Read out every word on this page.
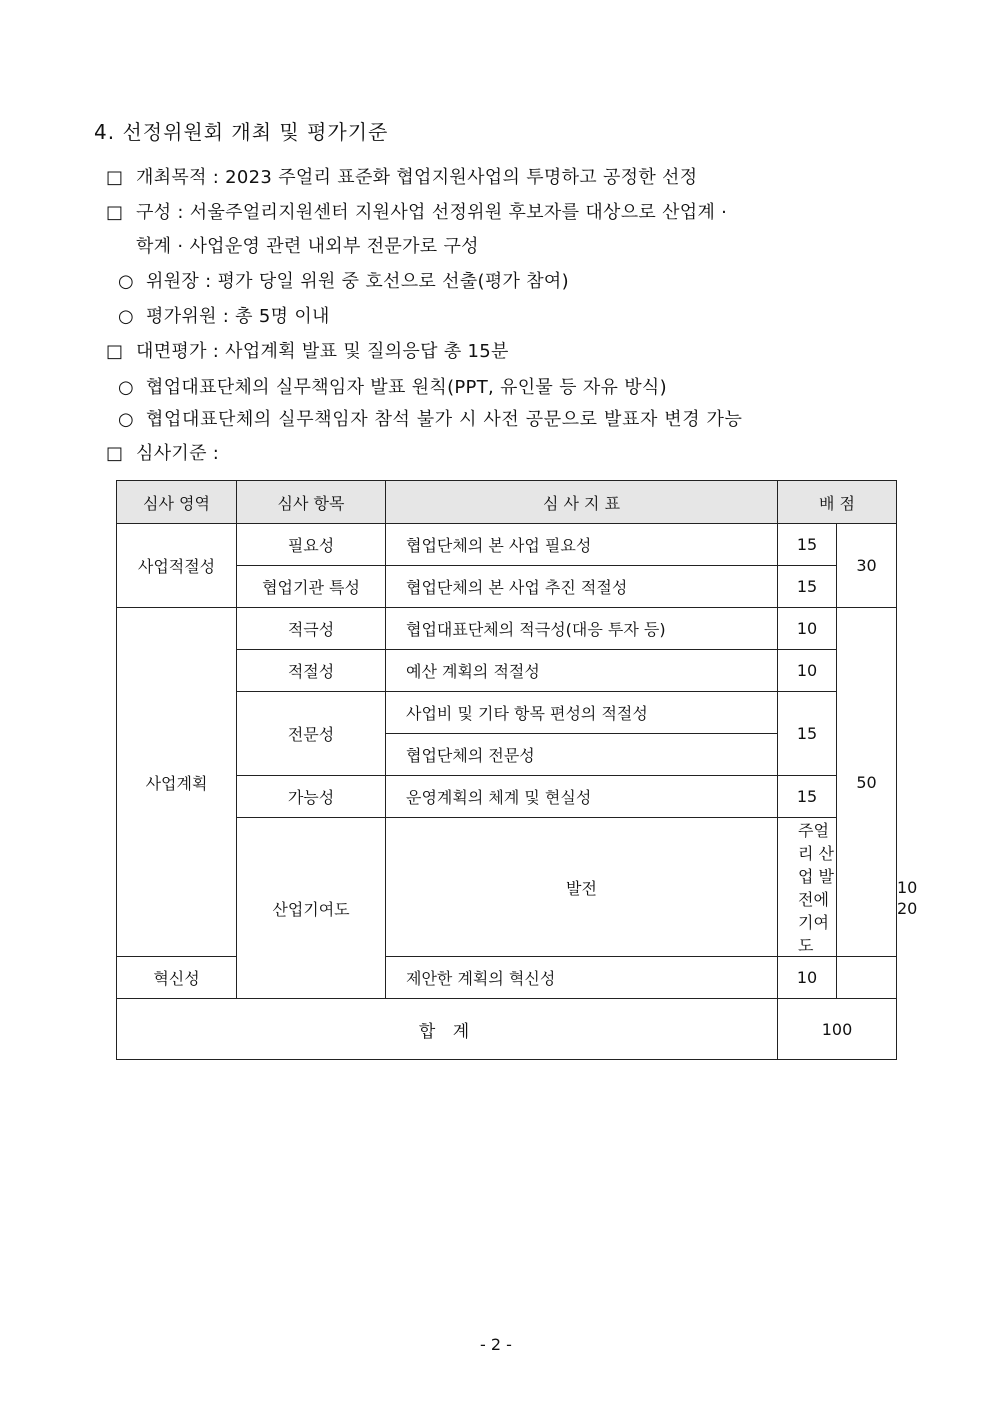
4. 선정위원회 개최 및 평가기준
□ 개최목적 : 2023 주얼리 표준화 협업지원사업의 투명하고 공정한 선정
□ 구성 : 서울주얼리지원센터 지원사업 선정위원 후보자를 대상으로 산업계 ·
학계 · 사업운영 관련 내외부 전문가로 구성
○ 위원장 : 평가 당일 위원 중 호선으로 선출(평가 참여)
○ 평가위원 : 총 5명 이내
□ 대면평가 : 사업계획 발표 및 질의응답 총 15분
○ 협업대표단체의 실무책임자 발표 원칙(PPT, 유인물 등 자유 방식)
○ 협업대표단체의 실무책임자 참석 불가 시 사전 공문으로 발표자 변경 가능
□ 심사기준 :
심사 영역	심사 항목	심 사 지 표	배 점		
사업적절성	필요성	협업단체의 본 사업 필요성	15	30	
	협업기관 특성	협업단체의 본 사업 추진 적절성	15		
사업계획	적극성	협업대표단체의 적극성(대응 투자 등)	10	50	
	적절성	예산 계획의 적절성	10		
	전문성	사업비 및 기타 항목 편성의 적절성	15		
		협업단체의 전문성			
	가능성	운영계획의 체계 및 현실성	15		
	산업기여도	발전	주얼리 산업 발전에 기여도		10	20
혁신성		제안한 계획의 혁신성	10		
합 계			100		
- 2 -
